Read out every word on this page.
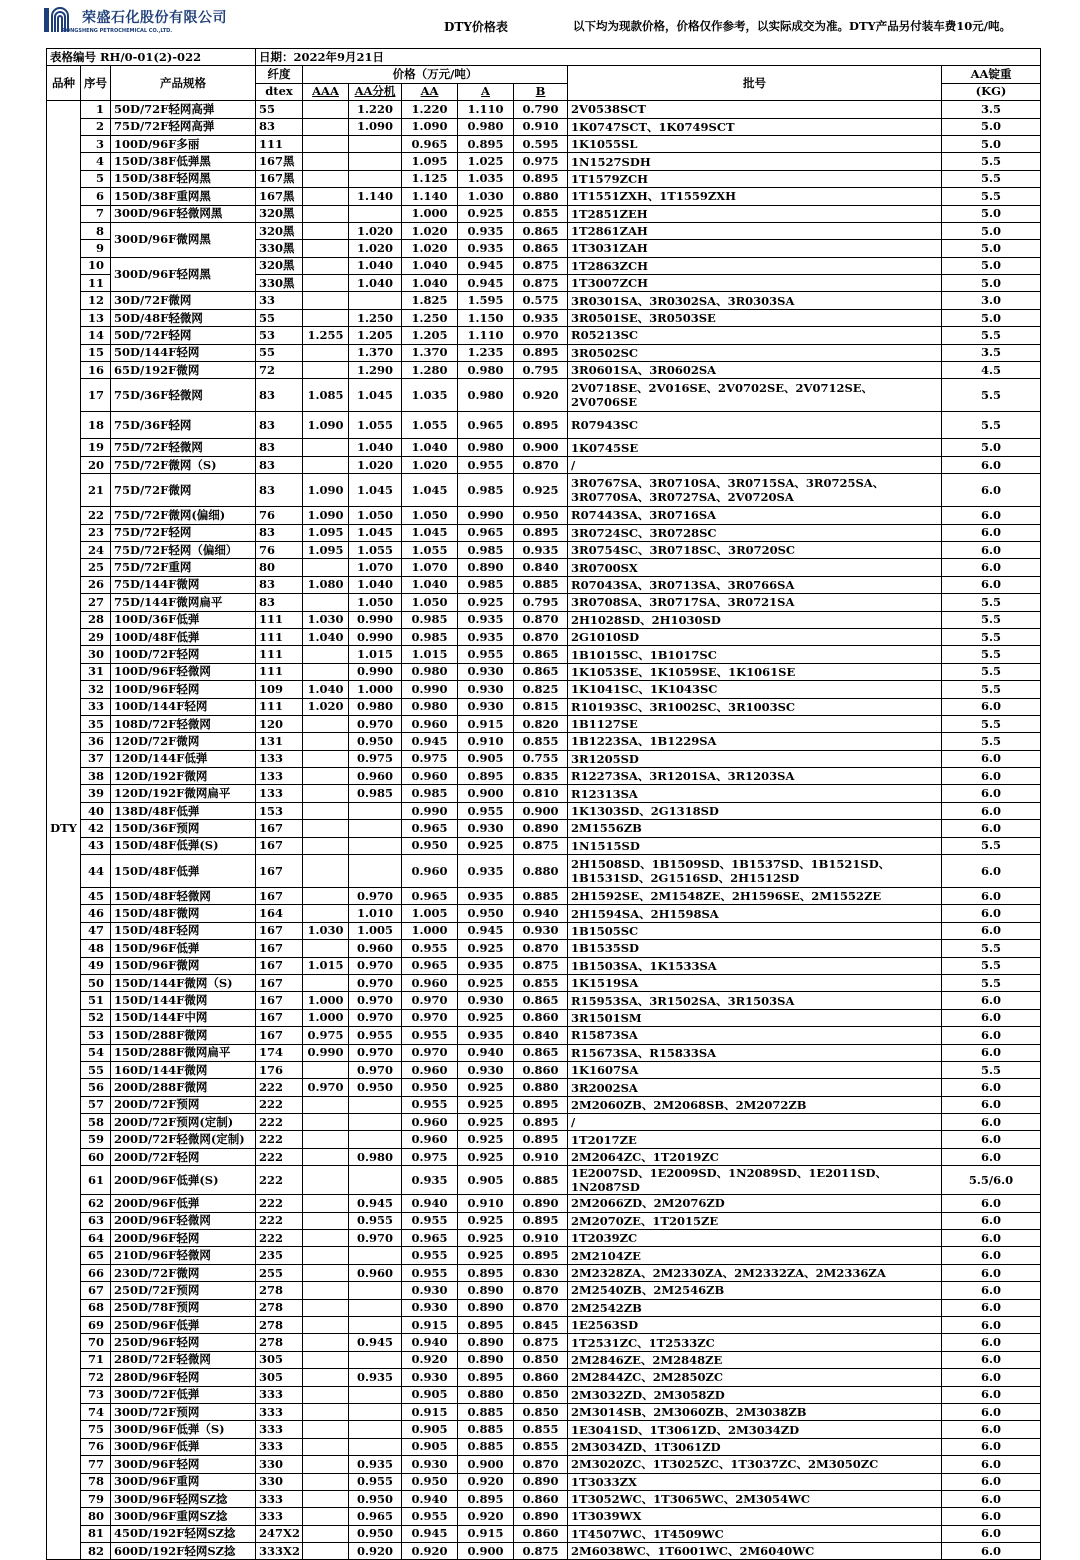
荣盛石化股份有限公司
RONGSHENG PETROCHEMICAL CO.,LTD.	DTY价格表	以下均为现款价格，价格仅作参考，以实际成交为准。DTY产品另付装车费10元/吨。
表格编号 RH/0-01(2)-022			日期：2022年9月21日							
品种	序号	产品规格	纤度	价格（万元/吨）					批号	AA锭重
			dtex	AAA	AA分机	AA	A	B		(KG)

DTY	1	50D/72F轻网高弹	55		1.220	1.220	1.110	0.790	2V0538SCT	3.5
	2	75D/72F轻网高弹	83		1.090	1.090	0.980	0.910	1K0747SCT、1K0749SCT	5.0
	3	100D/96F多丽	111			0.965	0.895	0.595	1K1055SL	5.0
	4	150D/38F低弹黑	167黑			1.095	1.025	0.975	1N1527SDH	5.5
	5	150D/38F轻网黑	167黑			1.125	1.035	0.895	1T1579ZCH	5.5
	6	150D/38F重网黑	167黑		1.140	1.140	1.030	0.880	1T1551ZXH、1T1559ZXH	5.5
	7	300D/96F轻微网黑	320黑			1.000	0.925	0.855	1T2851ZEH	5.0
	8	300D/96F微网黑	320黑		1.020	1.020	0.935	0.865	1T2861ZAH	5.0
	9		330黑		1.020	1.020	0.935	0.865	1T3031ZAH	5.0
	10	300D/96F轻网黑	320黑		1.040	1.040	0.945	0.875	1T2863ZCH	5.0
	11		330黑		1.040	1.040	0.945	0.875	1T3007ZCH	5.0
	12	30D/72F微网	33			1.825	1.595	0.575	3R0301SA、3R0302SA、3R0303SA	3.0
	13	50D/48F轻微网	55		1.250	1.250	1.150	0.935	3R0501SE、3R0503SE	5.0
	14	50D/72F轻网	53	1.255	1.205	1.205	1.110	0.970	R05213SC	5.5
	15	50D/144F轻网	55		1.370	1.370	1.235	0.895	3R0502SC	3.5
	16	65D/192F微网	72		1.290	1.280	0.980	0.795	3R0601SA、3R0602SA	4.5
	17	75D/36F轻微网	83	1.085	1.045	1.035	0.980	0.920	2V0718SE、2V016SE、2V0702SE、2V0712SE、2V0706SE	5.5
	18	75D/36F轻网	83	1.090	1.055	1.055	0.965	0.895	R07943SC	5.5
	19	75D/72F轻微网	83		1.040	1.040	0.980	0.900	1K0745SE	5.0
	20	75D/72F微网（S)	83		1.020	1.020	0.955	0.870	/	6.0
	21	75D/72F微网	83	1.090	1.045	1.045	0.985	0.925	3R0767SA、3R0710SA、3R0715SA、3R0725SA、3R0770SA、3R0727SA、2V0720SA	6.0
	22	75D/72F微网(偏细)	76	1.090	1.050	1.050	0.990	0.950	R07443SA、3R0716SA	6.0
	23	75D/72F轻网	83	1.095	1.045	1.045	0.965	0.895	3R0724SC、3R0728SC	6.0
	24	75D/72F轻网（偏细）	76	1.095	1.055	1.055	0.985	0.935	3R0754SC、3R0718SC、3R0720SC	6.0
	25	75D/72F重网	80		1.070	1.070	0.890	0.840	3R0700SX	6.0
	26	75D/144F微网	83	1.080	1.040	1.040	0.985	0.885	R07043SA、3R0713SA、3R0766SA	6.0
	27	75D/144F微网扁平	83		1.050	1.050	0.925	0.795	3R0708SA、3R0717SA、3R0721SA	5.5
	28	100D/36F低弹	111	1.030	0.990	0.985	0.935	0.870	2H1028SD、2H1030SD	5.5
	29	100D/48F低弹	111	1.040	0.990	0.985	0.935	0.870	2G1010SD	5.5
	30	100D/72F轻网	111		1.015	1.015	0.955	0.865	1B1015SC、1B1017SC	5.5
	31	100D/96F轻微网	111		0.990	0.980	0.930	0.865	1K1053SE、1K1059SE、1K1061SE	5.5
	32	100D/96F轻网	109	1.040	1.000	0.990	0.930	0.825	1K1041SC、1K1043SC	5.5
	33	100D/144F轻网	111	1.020	0.980	0.980	0.930	0.815	R10193SC、3R1002SC、3R1003SC	6.0
	35	108D/72F轻微网	120		0.970	0.960	0.915	0.820	1B1127SE	5.5
	36	120D/72F微网	131		0.950	0.945	0.910	0.855	1B1223SA、1B1229SA	5.5
	37	120D/144F低弹	133		0.975	0.975	0.905	0.755	3R1205SD	6.0
	38	120D/192F微网	133		0.960	0.960	0.895	0.835	R12273SA、3R1201SA、3R1203SA	6.0
	39	120D/192F微网扁平	133		0.985	0.985	0.900	0.810	R12313SA	6.0
	40	138D/48F低弹	153			0.990	0.955	0.900	1K1303SD、2G1318SD	6.0
	42	150D/36F预网	167			0.965	0.930	0.890	2M1556ZB	6.0
	43	150D/48F低弹(S)	167			0.950	0.925	0.875	1N1515SD	5.5
	44	150D/48F低弹	167			0.960	0.935	0.880	2H1508SD、1B1509SD、1B1537SD、1B1521SD、1B1531SD、2G1516SD、2H1512SD	6.0
	45	150D/48F轻微网	167		0.970	0.965	0.935	0.885	2H1592SE、2M1548ZE、2H1596SE、2M1552ZE	6.0
	46	150D/48F微网	164		1.010	1.005	0.950	0.940	2H1594SA、2H1598SA	6.0
	47	150D/48F轻网	167	1.030	1.005	1.000	0.945	0.930	1B1505SC	6.0
	48	150D/96F低弹	167		0.960	0.955	0.925	0.870	1B1535SD	5.5
	49	150D/96F微网	167	1.015	0.970	0.965	0.935	0.875	1B1503SA、1K1533SA	5.5
	50	150D/144F微网（S)	167		0.970	0.960	0.925	0.855	1K1519SA	5.5
	51	150D/144F微网	167	1.000	0.970	0.970	0.930	0.865	R15953SA、3R1502SA、3R1503SA	6.0
	52	150D/144F中网	167	1.000	0.970	0.970	0.925	0.860	3R1501SM	6.0
	53	150D/288F微网	167	0.975	0.955	0.955	0.935	0.840	R15873SA	6.0
	54	150D/288F微网扁平	174	0.990	0.970	0.970	0.940	0.865	R15673SA、R15833SA	6.0
	55	160D/144F微网	176		0.970	0.960	0.930	0.860	1K1607SA	5.5
	56	200D/288F微网	222	0.970	0.950	0.950	0.925	0.880	3R2002SA	6.0
	57	200D/72F预网	222			0.955	0.925	0.895	2M2060ZB、2M2068SB、2M2072ZB	6.0
	58	200D/72F预网(定制)	222			0.960	0.925	0.895	/	6.0
	59	200D/72F轻微网(定制)	222			0.960	0.925	0.895	1T2017ZE	6.0
	60	200D/72F轻网	222		0.980	0.975	0.925	0.910	2M2064ZC、1T2019ZC	6.0
	61	200D/96F低弹(S)	222			0.935	0.905	0.885	1E2007SD、1E2009SD、1N2089SD、1E2011SD、1N2087SD	5.5/6.0
	62	200D/96F低弹	222		0.945	0.940	0.910	0.890	2M2066ZD、2M2076ZD	6.0
	63	200D/96F轻微网	222		0.955	0.955	0.925	0.895	2M2070ZE、1T2015ZE	6.0
	64	200D/96F轻网	222		0.970	0.965	0.925	0.910	1T2039ZC	6.0
	65	210D/96F轻微网	235			0.955	0.925	0.895	2M2104ZE	6.0
	66	230D/72F微网	255		0.960	0.955	0.895	0.830	2M2328ZA、2M2330ZA、2M2332ZA、2M2336ZA	6.0
	67	250D/72F预网	278			0.930	0.890	0.870	2M2540ZB、2M2546ZB	6.0
	68	250D/78F预网	278			0.930	0.890	0.870	2M2542ZB	6.0
	69	250D/96F低弹	278			0.915	0.895	0.845	1E2563SD	6.0
	70	250D/96F轻网	278		0.945	0.940	0.890	0.875	1T2531ZC、1T2533ZC	6.0
	71	280D/72F轻微网	305			0.920	0.890	0.850	2M2846ZE、2M2848ZE	6.0
	72	280D/96F轻网	305		0.935	0.930	0.895	0.860	2M2844ZC、2M2850ZC	6.0
	73	300D/72F低弹	333			0.905	0.880	0.850	2M3032ZD、2M3058ZD	6.0
	74	300D/72F预网	333			0.915	0.885	0.850	2M3014SB、2M3060ZB、2M3038ZB	6.0
	75	300D/96F低弹（S)	333			0.905	0.885	0.855	1E3041SD、1T3061ZD、2M3034ZD	6.0
	76	300D/96F低弹	333			0.905	0.885	0.855	2M3034ZD、1T3061ZD	6.0
	77	300D/96F轻网	330		0.935	0.930	0.900	0.870	2M3020ZC、1T3025ZC、1T3037ZC、2M3050ZC	6.0
	78	300D/96F重网	330		0.955	0.950	0.920	0.890	1T3033ZX	6.0
	79	300D/96F轻网SZ捻	333		0.950	0.940	0.895	0.860	1T3052WC、1T3065WC、2M3054WC	6.0
	80	300D/96F重网SZ捻	333		0.965	0.955	0.920	0.890	1T3039WX	6.0
	81	450D/192F轻网SZ捻	247X2		0.950	0.945	0.915	0.860	1T4507WC、1T4509WC	6.0
	82	600D/192F轻网SZ捻	333X2		0.920	0.920	0.900	0.875	2M6038WC、1T6001WC、2M6040WC	6.0
